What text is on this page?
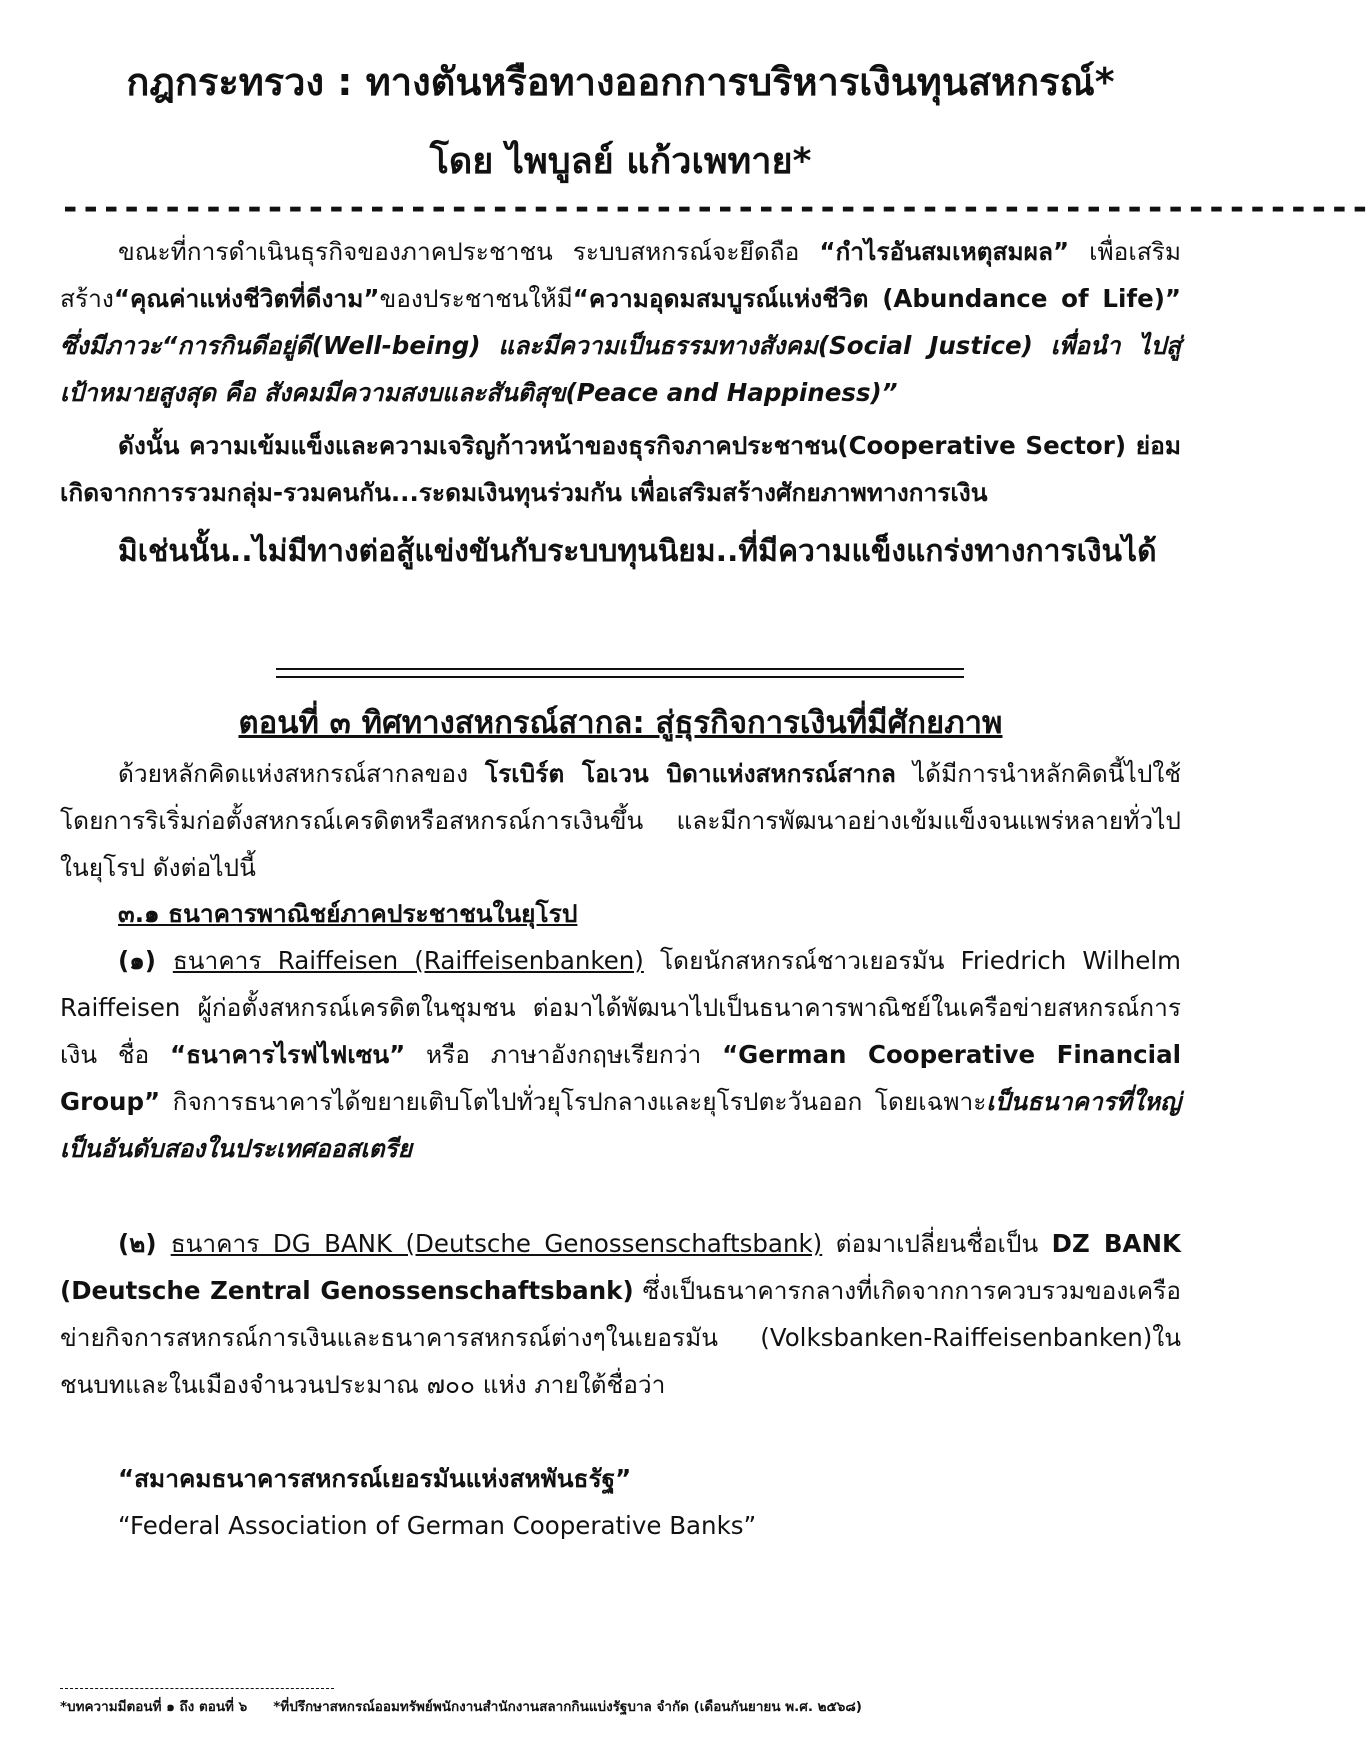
กฎกระทรวง : ทางตันหรือทางออกการบริหารเงินทุนสหกรณ์*
โดย ไพบูลย์ แก้วเพทาย*
----------------------------------------------------------------

ขณะที่การดำเนินธุรกิจของภาคประชาชน ระบบสหกรณ์จะยึดถือ “กำไรอันสมเหตุสมผล” เพื่อเสริมสร้าง“คุณค่าแห่งชีวิตที่ดีงาม”ของประชาชนให้มี“ความอุดมสมบูรณ์แห่งชีวิต (Abundance of Life)” ซึ่งมีภาวะ“การกินดีอยู่ดี(Well-being) และมีความเป็นธรรมทางสังคม(Social Justice) เพื่อนำ ไปสู่เป้าหมายสูงสุด คือ สังคมมีความสงบและสันติสุข(Peace and Happiness)”

ดังนั้น ความเข้มแข็งและความเจริญก้าวหน้าของธุรกิจภาคประชาชน(Cooperative Sector) ย่อมเกิดจากการรวมกลุ่ม-รวมคนกัน...ระดมเงินทุนร่วมกัน เพื่อเสริมสร้างศักยภาพทางการเงิน

มิเช่นนั้น..ไม่มีทางต่อสู้แข่งขันกับระบบทุนนิยม..ที่มีความแข็งแกร่งทางการเงินได้

ตอนที่ ๓ ทิศทางสหกรณ์สากล: สู่ธุรกิจการเงินที่มีศักยภาพ

ด้วยหลักคิดแห่งสหกรณ์สากลของ โรเบิร์ต โอเวน บิดาแห่งสหกรณ์สากล ได้มีการนำหลักคิดนี้ไปใช้ โดยการริเริ่มก่อตั้งสหกรณ์เครดิตหรือสหกรณ์การเงินขึ้น และมีการพัฒนาอย่างเข้มแข็งจนแพร่หลายทั่วไปในยุโรป ดังต่อไปนี้

๓.๑ ธนาคารพาณิชย์ภาคประชาชนในยุโรป

(๑) ธนาคาร Raiffeisen (Raiffeisenbanken) โดยนักสหกรณ์ชาวเยอรมัน Friedrich Wilhelm Raiffeisen ผู้ก่อตั้งสหกรณ์เครดิตในชุมชน ต่อมาได้พัฒนาไปเป็นธนาคารพาณิชย์ในเครือข่ายสหกรณ์การเงิน ชื่อ “ธนาคารไรฟไฟเซน” หรือ ภาษาอังกฤษเรียกว่า “German Cooperative Financial Group” กิจการธนาคารได้ขยายเติบโตไปทั่วยุโรปกลางและยุโรปตะวันออก โดยเฉพาะเป็นธนาคารที่ใหญ่เป็นอันดับสองในประเทศออสเตรีย

(๒) ธนาคาร DG BANK (Deutsche Genossenschaftsbank) ต่อมาเปลี่ยนชื่อเป็น DZ BANK (Deutsche Zentral Genossenschaftsbank) ซึ่งเป็นธนาคารกลางที่เกิดจากการควบรวมของเครือข่ายกิจการสหกรณ์การเงินและธนาคารสหกรณ์ต่างๆในเยอรมัน (Volksbanken-Raiffeisenbanken)ในชนบทและในเมืองจำนวนประมาณ ๗๐๐ แห่ง ภายใต้ชื่อว่า

“สมาคมธนาคารสหกรณ์เยอรมันแห่งสหพันธรัฐ”

“Federal Association of German Cooperative Banks”

*บทความมีตอนที่ ๑ ถึง ตอนที่ ๖ *ที่ปรึกษาสหกรณ์ออมทรัพย์พนักงานสำนักงานสลากกินแบ่งรัฐบาล จำกัด (เดือนกันยายน พ.ศ. ๒๕๖๘)
